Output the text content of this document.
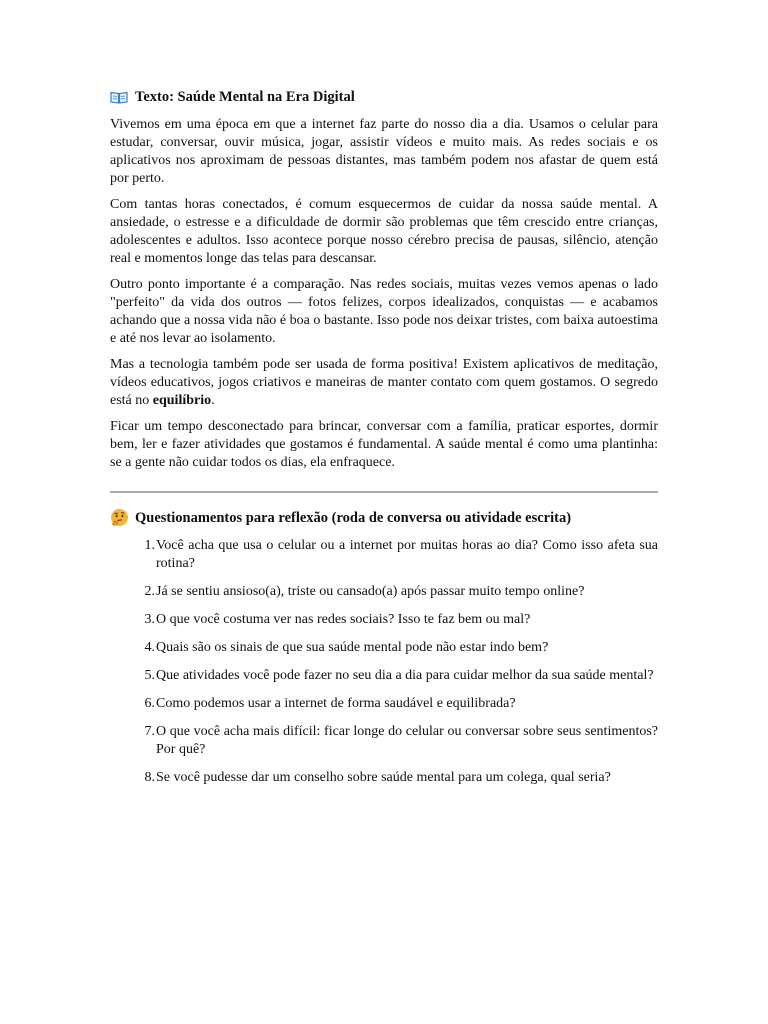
Texto: Saúde Mental na Era Digital

Vivemos em uma época em que a internet faz parte do nosso dia a dia. Usamos o celular para estudar, conversar, ouvir música, jogar, assistir vídeos e muito mais. As redes sociais e os aplicativos nos aproximam de pessoas distantes, mas também podem nos afastar de quem está por perto.

Com tantas horas conectados, é comum esquecermos de cuidar da nossa saúde mental. A ansiedade, o estresse e a dificuldade de dormir são problemas que têm crescido entre crianças, adolescentes e adultos. Isso acontece porque nosso cérebro precisa de pausas, silêncio, atenção real e momentos longe das telas para descansar.

Outro ponto importante é a comparação. Nas redes sociais, muitas vezes vemos apenas o lado "perfeito" da vida dos outros — fotos felizes, corpos idealizados, conquistas — e acabamos achando que a nossa vida não é boa o bastante. Isso pode nos deixar tristes, com baixa autoestima e até nos levar ao isolamento.

Mas a tecnologia também pode ser usada de forma positiva! Existem aplicativos de meditação, vídeos educativos, jogos criativos e maneiras de manter contato com quem gostamos. O segredo está no equilíbrio.

Ficar um tempo desconectado para brincar, conversar com a família, praticar esportes, dormir bem, ler e fazer atividades que gostamos é fundamental. A saúde mental é como uma plantinha: se a gente não cuidar todos os dias, ela enfraquece.

Questionamentos para reflexão (roda de conversa ou atividade escrita)
1. Você acha que usa o celular ou a internet por muitas horas ao dia? Como isso afeta sua rotina?
2. Já se sentiu ansioso(a), triste ou cansado(a) após passar muito tempo online?
3. O que você costuma ver nas redes sociais? Isso te faz bem ou mal?
4. Quais são os sinais de que sua saúde mental pode não estar indo bem?
5. Que atividades você pode fazer no seu dia a dia para cuidar melhor da sua saúde mental?
6. Como podemos usar a internet de forma saudável e equilibrada?
7. O que você acha mais difícil: ficar longe do celular ou conversar sobre seus sentimentos? Por quê?
8. Se você pudesse dar um conselho sobre saúde mental para um colega, qual seria?
